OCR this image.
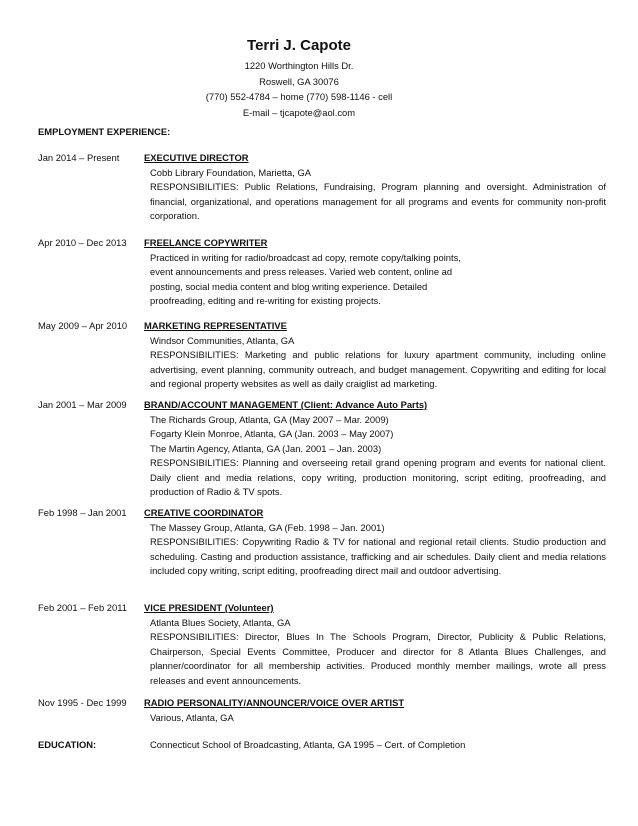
Terri J. Capote
1220 Worthington Hills Dr.
Roswell, GA 30076
(770) 552-4784 – home (770) 598-1146 - cell
E-mail – tjcapote@aol.com
EMPLOYMENT EXPERIENCE:
Jan 2014 – Present	EXECUTIVE DIRECTOR
Cobb Library Foundation, Marietta, GA
RESPONSIBILITIES: Public Relations, Fundraising, Program planning and oversight. Administration of financial, organizational, and operations management for all programs and events for community non-profit corporation.
Apr 2010 – Dec 2013 FREELANCE COPYWRITER
Practiced in writing for radio/broadcast ad copy, remote copy/talking points,
event announcements and press releases. Varied web content, online ad
posting, social media content and blog writing experience. Detailed
proofreading, editing and re-writing for existing projects.
May 2009 – Apr 2010 MARKETING REPRESENTATIVE
Windsor Communities, Atlanta, GA
RESPONSIBILITIES: Marketing and public relations for luxury apartment community, including online advertising, event planning, community outreach, and budget management. Copywriting and editing for local and regional property websites as well as daily craiglist ad marketing.
Jan 2001 – Mar 2009 BRAND/ACCOUNT MANAGEMENT (Client: Advance Auto Parts)
The Richards Group, Atlanta, GA (May 2007 – Mar. 2009)
Fogarty Klein Monroe, Atlanta, GA (Jan. 2003 – May 2007)
The Martin Agency, Atlanta, GA (Jan. 2001 – Jan. 2003)
RESPONSIBILITIES: Planning and overseeing retail grand opening program and events for national client. Daily client and media relations, copy writing, production monitoring, script editing, proofreading, and production of Radio & TV spots.
Feb 1998 – Jan 2001 CREATIVE COORDINATOR
The Massey Group, Atlanta, GA (Feb. 1998 – Jan. 2001)
RESPONSIBILITIES: Copywriting Radio & TV for national and regional retail clients. Studio production and scheduling. Casting and production assistance, trafficking and air schedules. Daily client and media relations included copy writing, script editing, proofreading direct mail and outdoor advertising.
Feb 2001 – Feb 2011 VICE PRESIDENT (Volunteer)
Atlanta Blues Society, Atlanta, GA
RESPONSIBILITIES: Director, Blues In The Schools Program, Director, Publicity & Public Relations, Chairperson, Special Events Committee, Producer and director for 8 Atlanta Blues Challenges, and planner/coordinator for all membership activities. Produced monthly member mailings, wrote all press releases and event announcements.
Nov 1995 - Dec 1999 RADIO PERSONALITY/ANNOUNCER/VOICE OVER ARTIST
Various, Atlanta, GA
EDUCATION:	Connecticut School of Broadcasting, Atlanta, GA 1995 – Cert. of Completion
